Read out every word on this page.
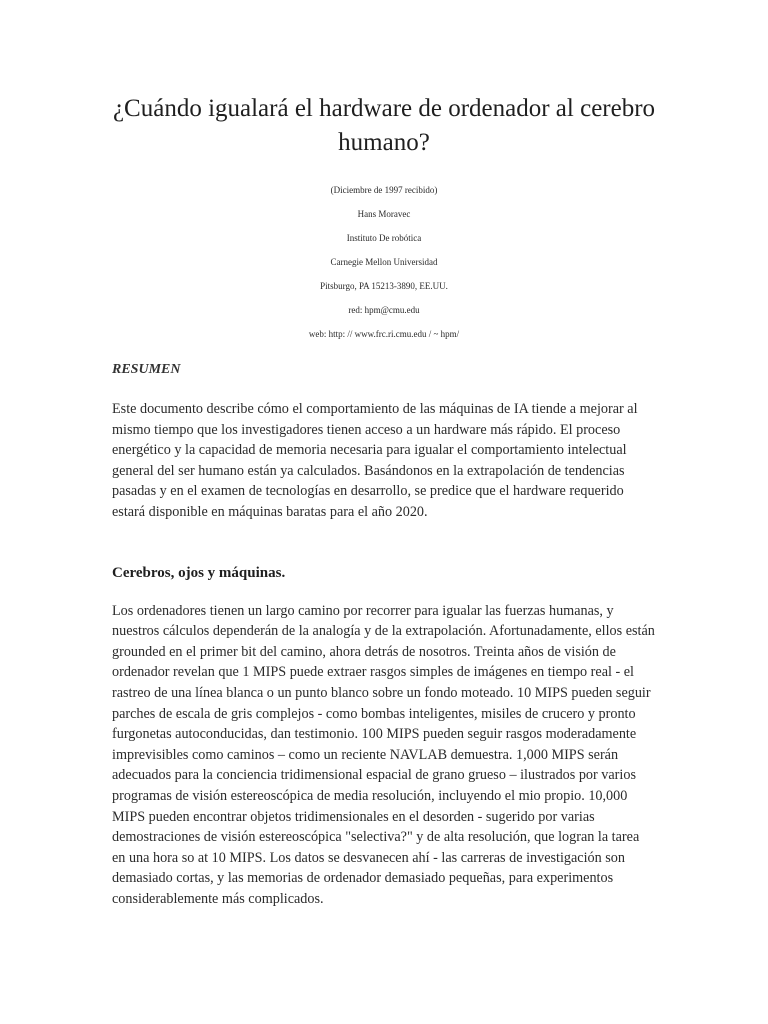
¿Cuándo igualará el hardware de ordenador al cerebro humano?

(Diciembre de 1997 recibido)

Hans Moravec

Instituto De robótica

Carnegie Mellon Universidad

Pitsburgo, PA 15213-3890, EE.UU.

red: hpm@cmu.edu

web: http: // www.frc.ri.cmu.edu / ~ hpm/

RESUMEN

Este documento describe cómo el comportamiento de las máquinas de IA tiende a mejorar al mismo tiempo que los investigadores tienen acceso a un hardware más rápido. El proceso energético y la capacidad de memoria necesaria para igualar el comportamiento intelectual general del ser humano están ya calculados. Basándonos en la extrapolación de tendencias pasadas y en el examen de tecnologías en desarrollo, se predice que el hardware requerido estará disponible en máquinas baratas para el año 2020.

Cerebros, ojos y máquinas.

Los ordenadores tienen un largo camino por recorrer para igualar las fuerzas humanas, y nuestros cálculos dependerán de la analogía y de la extrapolación. Afortunadamente, ellos están grounded en el primer bit del camino, ahora detrás de nosotros. Treinta años de visión de ordenador revelan que 1 MIPS puede extraer rasgos simples de imágenes en tiempo real - el rastreo de una línea blanca o un punto blanco sobre un fondo moteado. 10 MIPS pueden seguir parches de escala de gris complejos - como bombas inteligentes, misiles de crucero y pronto furgonetas autoconducidas, dan testimonio. 100 MIPS pueden seguir rasgos moderadamente imprevisibles como caminos – como un reciente NAVLAB demuestra. 1,000 MIPS serán adecuados para la conciencia tridimensional espacial de grano grueso – ilustrados por varios programas de visión estereoscópica de media resolución, incluyendo el mio propio. 10,000 MIPS pueden encontrar objetos tridimensionales en el desorden - sugerido por varias demostraciones de visión estereoscópica "selectiva?" y de alta resolución, que logran la tarea en una hora so at 10 MIPS. Los datos se desvanecen ahí - las carreras de investigación son demasiado cortas, y las memorias de ordenador demasiado pequeñas, para experimentos considerablemente más complicados.
